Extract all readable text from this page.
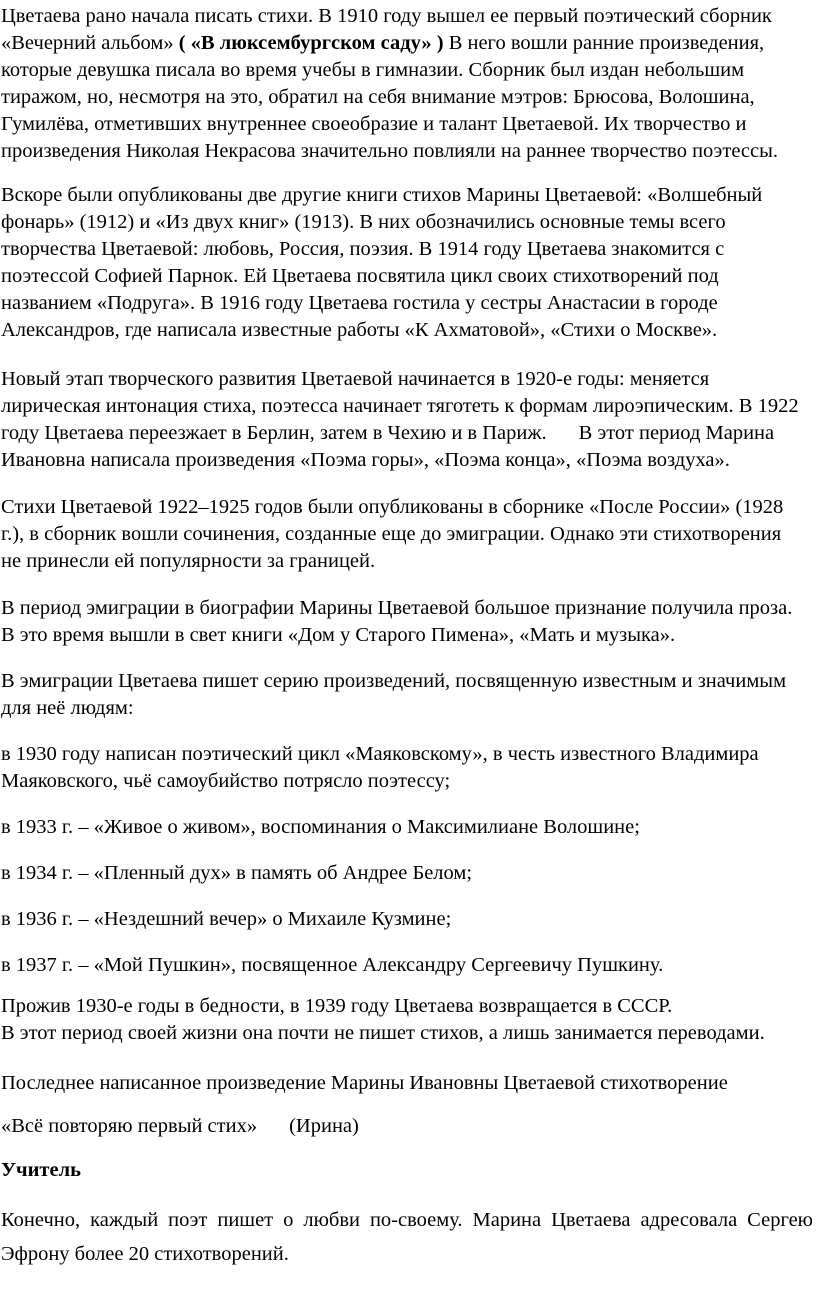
Цветаева рано начала писать стихи. В 1910 году вышел ее первый поэтический сборник
«Вечерний альбом» ( «В люксембургском саду» ) В него вошли ранние произведения,
которые девушка писала во время учебы в гимназии. Сборник был издан небольшим
тиражом, но, несмотря на это, обратил на себя внимание мэтров: Брюсова, Волошина,
Гумилёва, отметивших внутреннее своеобразие и талант Цветаевой. Их творчество и
произведения Николая Некрасова значительно повлияли на раннее творчество поэтессы.

Вскоре были опубликованы две другие книги стихов Марины Цветаевой: «Волшебный
фонарь» (1912) и «Из двух книг» (1913). В них обозначились основные темы всего
творчества Цветаевой: любовь, Россия, поэзия. В 1914 году Цветаева знакомится с
поэтессой Софией Парнок. Ей Цветаева посвятила цикл своих стихотворений под
названием «Подруга». В 1916 году Цветаева гостила у сестры Анастасии в городе
Александров, где написала известные работы «К Ахматовой», «Стихи о Москве».

Новый этап творческого развития Цветаевой начинается в 1920-е годы: меняется
лирическая интонация стиха, поэтесса начинает тяготеть к формам лироэпическим. В 1922
году Цветаева переезжает в Берлин, затем в Чехию и в Париж. В этот период Марина
Ивановна написала произведения «Поэма горы», «Поэма конца», «Поэма воздуха».

Стихи Цветаевой 1922–1925 годов были опубликованы в сборнике «После России» (1928
г.), в сборник вошли сочинения, созданные еще до эмиграции. Однако эти стихотворения
не принесли ей популярности за границей.

В период эмиграции в биографии Марины Цветаевой большое признание получила проза.
В это время вышли в свет книги «Дом у Старого Пимена», «Мать и музыка».

В эмиграции Цветаева пишет серию произведений, посвященную известным и значимым
для неё людям:

в 1930 году написан поэтический цикл «Маяковскому», в честь известного Владимира
Маяковского, чьё самоубийство потрясло поэтессу;

в 1933 г. – «Живое о живом», воспоминания о Максимилиане Волошине;

в 1934 г. – «Пленный дух» в память об Андрее Белом;

в 1936 г. – «Нездешний вечер» о Михаиле Кузмине;

в 1937 г. – «Мой Пушкин», посвященное Александру Сергеевичу Пушкину.

Прожив 1930-е годы в бедности, в 1939 году Цветаева возвращается в СССР.
В этот период своей жизни она почти не пишет стихов, а лишь занимается переводами.

Последнее написанное произведение Марины Ивановны Цветаевой стихотворение

«Всё повторяю первый стих» (Ирина)

Учитель

Конечно, каждый поэт пишет о любви по-своему. Марина Цветаева адресовала Сергею
Эфрону более 20 стихотворений.
